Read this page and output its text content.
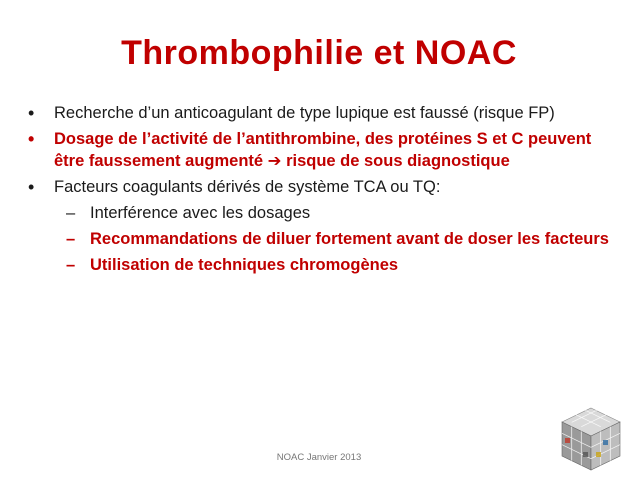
Thrombophilie et NOAC
• Recherche d’un anticoagulant de type lupique est faussé (risque FP)
• Dosage de l’activité de l’antithrombine, des protéines S et C peuvent être faussement augmenté ➔ risque de sous diagnostique
• Facteurs coagulants dérivés de système TCA ou TQ:
– Interférence avec les dosages
– Recommandations de diluer fortement avant de doser les facteurs
– Utilisation de techniques chromogènes
NOAC Janvier 2013
